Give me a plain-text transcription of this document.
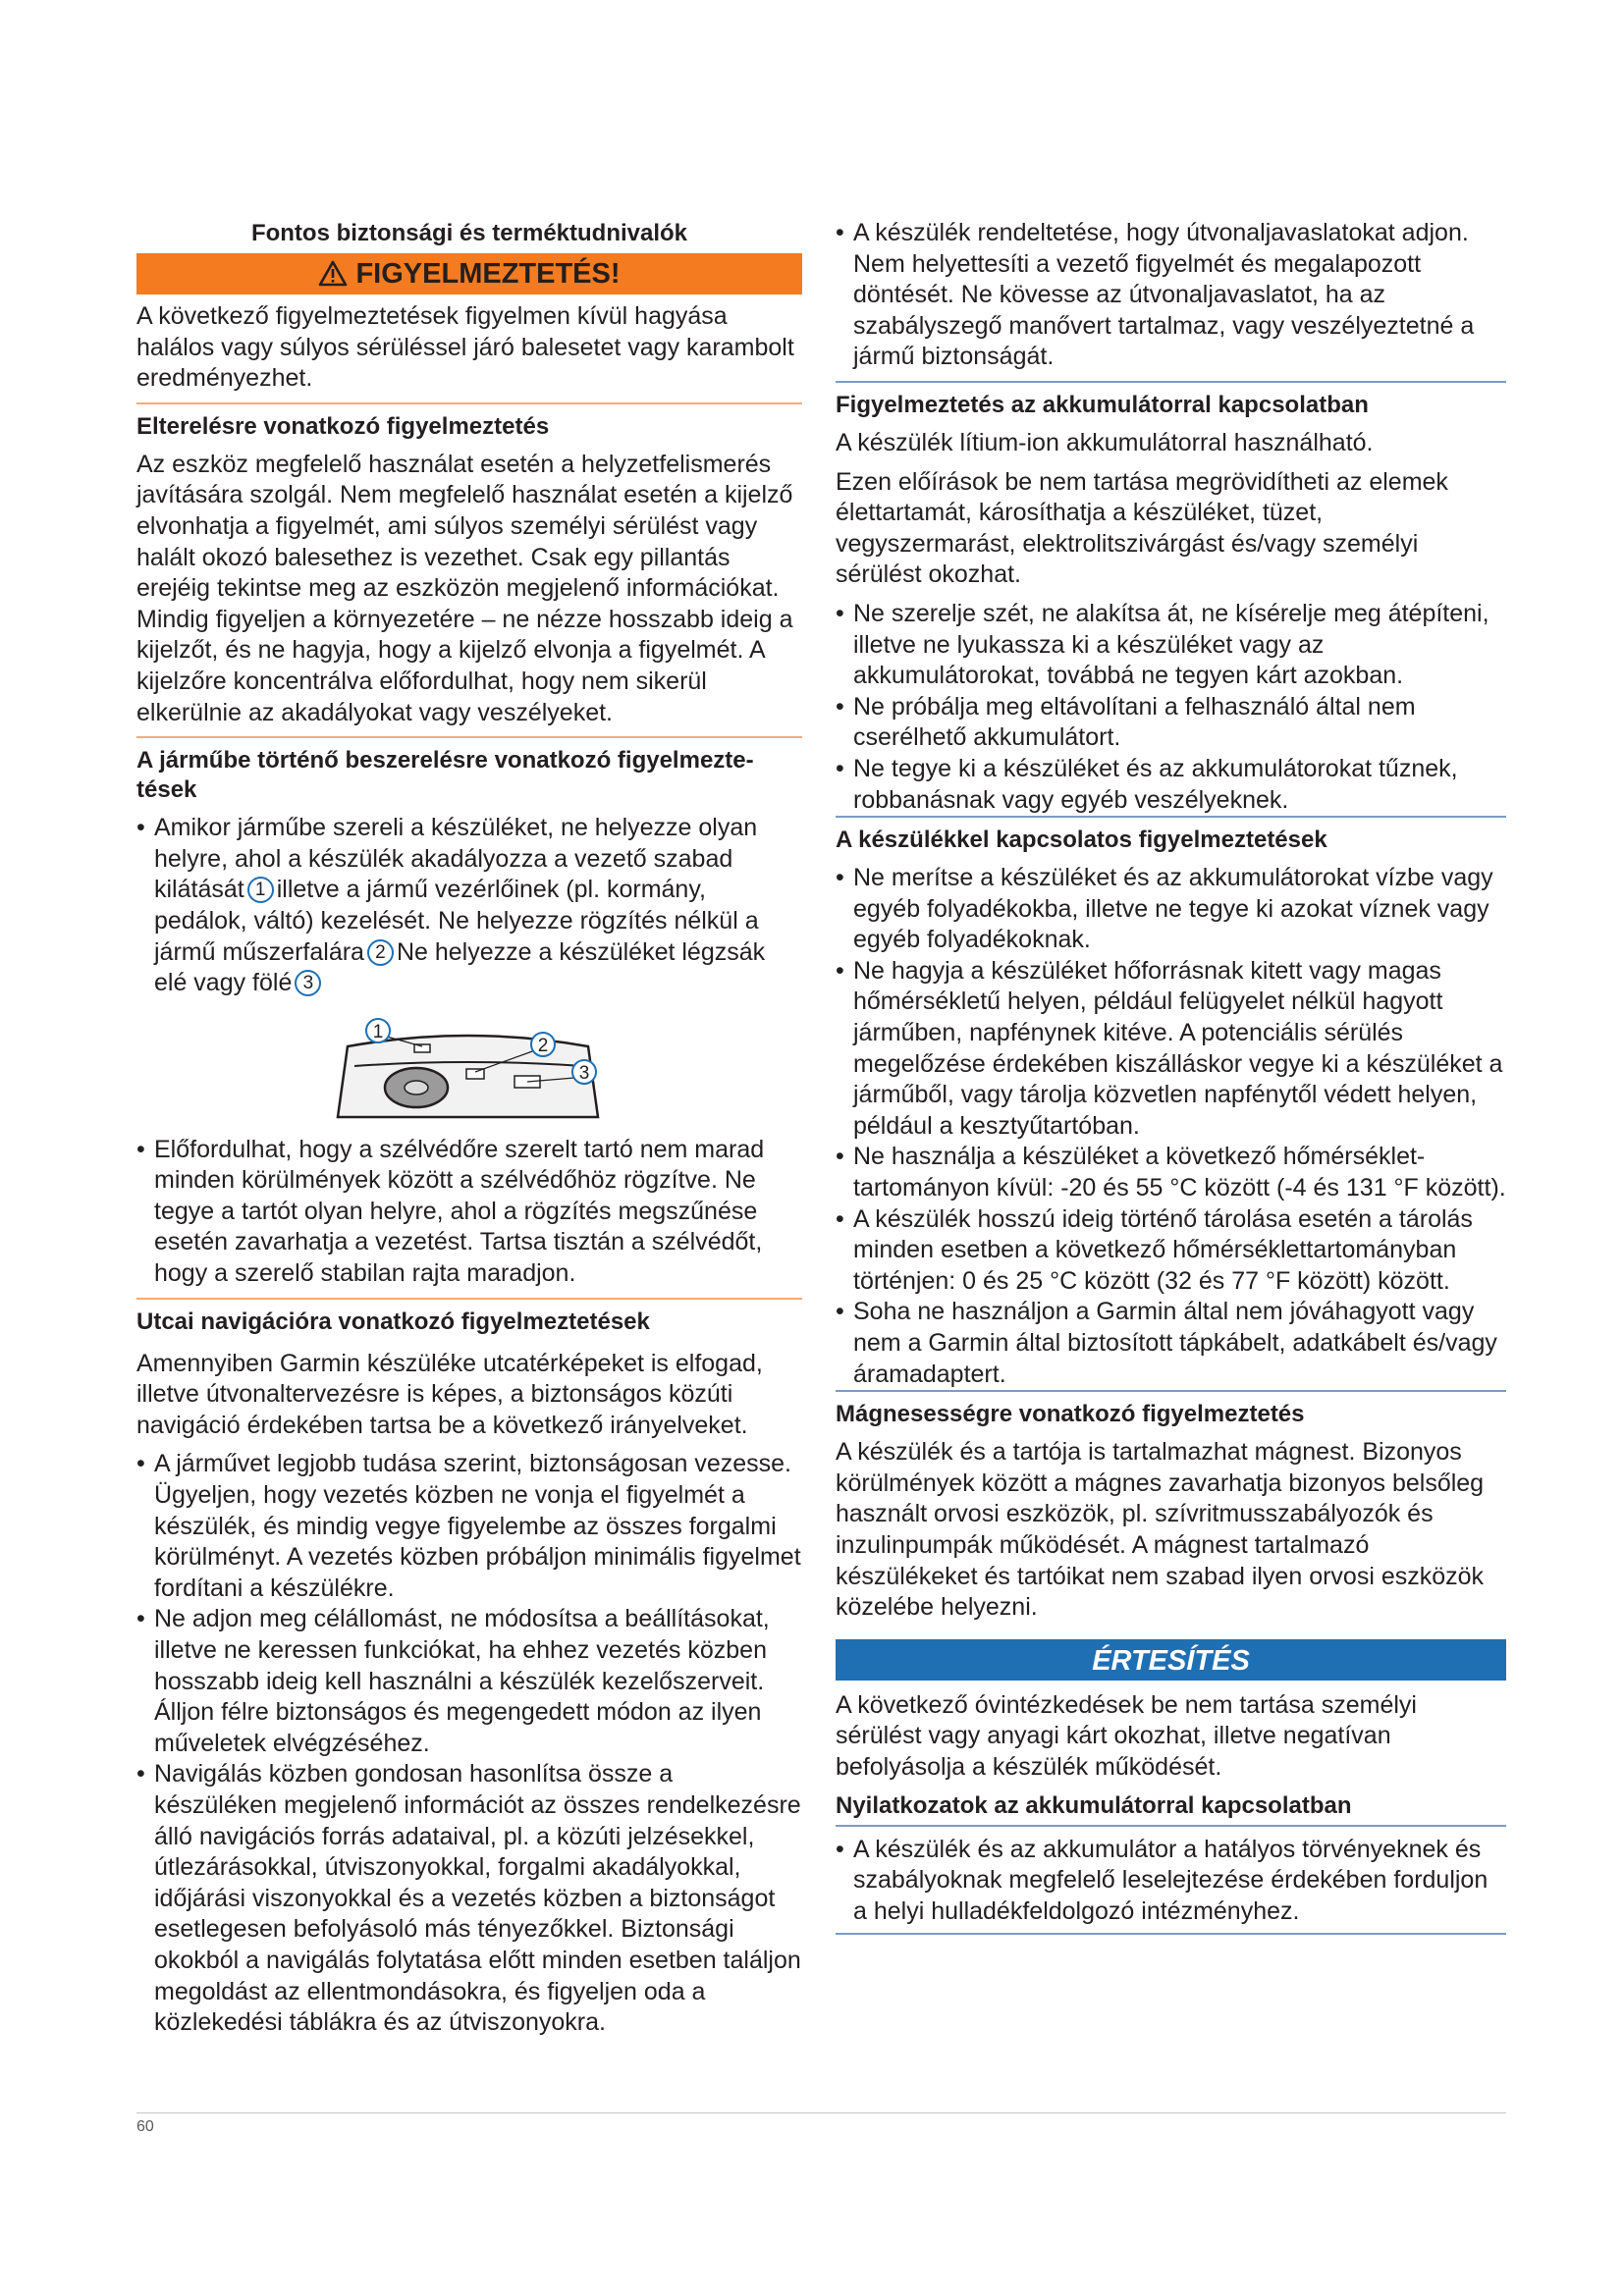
Fontos biztonsági és terméktudnivalók
FIGYELMEZTETÉS!

A következő figyelmeztetések figyelmen kívül hagyása halálos vagy súlyos sérüléssel járó balesetet vagy karambolt eredményezhet.

Elterelésre vonatkozó figyelmeztetés

Az eszköz megfelelő használat esetén a helyzetfelismerés javítására szolgál. Nem megfelelő használat esetén a kijelző elvonhatja a figyelmét, ami súlyos személyi sérülést vagy halált okozó balesethez is vezethet. Csak egy pillantás erejéig tekintse meg az eszközön megjelenő információkat. Mindig figyeljen a környezetére – ne nézze hosszabb ideig a kijelzőt, és ne hagyja, hogy a kijelző elvonja a figyelmét. A kijelzőre koncentrálva előfordulhat, hogy nem sikerül elkerülnie az akadályokat vagy veszélyeket.

A járműbe történő beszerelésre vonatkozó figyelmeztetések
• Amikor járműbe szereli a készüléket, ne helyezze olyan helyre, ahol a készülék akadályozza a vezető szabad kilátását 1 illetve a jármű vezérlőinek (pl. kormány, pedálok, váltó) kezelését. Ne helyezze rögzítés nélkül a jármű műszerfalára 2 Ne helyezze a készüléket légzsák elé vagy fölé 3
1
2
3
• Előfordulhat, hogy a szélvédőre szerelt tartó nem marad minden körülmények között a szélvédőhöz rögzítve. Ne tegye a tartót olyan helyre, ahol a rögzítés megszűnése esetén zavarhatja a vezetést. Tartsa tisztán a szélvédőt, hogy a szerelő stabilan rajta maradjon.
Utcai navigációra vonatkozó figyelmeztetések

Amennyiben Garmin készüléke utcatérképeket is elfogad, illetve útvonaltervezésre is képes, a biztonságos közúti navigáció érdekében tartsa be a következő irányelveket.

• A járművet legjobb tudása szerint, biztonságosan vezesse. Ügyeljen, hogy vezetés közben ne vonja el figyelmét a készülék, és mindig vegye figyelembe az összes forgalmi körülményt. A vezetés közben próbáljon minimális figyelmet fordítani a készülékre.
• Ne adjon meg célállomást, ne módosítsa a beállításokat, illetve ne keressen funkciókat, ha ehhez vezetés közben hosszabb ideig kell használni a készülék kezelőszerveit. Álljon félre biztonságos és megengedett módon az ilyen műveletek elvégzéséhez.
• Navigálás közben gondosan hasonlítsa össze a készüléken megjelenő információt az összes rendelkezésre álló navigációs forrás adataival, pl. a közúti jelzésekkel, útlezárásokkal, útviszonyokkal, forgalmi akadályokkal, időjárási viszonyokkal és a vezetés közben a biztonságot esetlegesen befolyásoló más tényezőkkel. Biztonsági okokból a navigálás folytatása előtt minden esetben találjon megoldást az ellentmondásokra, és figyeljen oda a közlekedési táblákra és az útviszonyokra.
• A készülék rendeltetése, hogy útvonaljavaslatokat adjon. Nem helyettesíti a vezető figyelmét és megalapozott döntését. Ne kövesse az útvonaljavaslatot, ha az szabályszegő manővert tartalmaz, vagy veszélyeztetné a jármű biztonságát.
Figyelmeztetés az akkumulátorral kapcsolatban

A készülék lítium-ion akkumulátorral használható.

Ezen előírások be nem tartása megrövidítheti az elemek élettartamát, károsíthatja a készüléket, tüzet, vegyszermarást, elektrolitszivárgást és/vagy személyi sérülést okozhat.

• Ne szerelje szét, ne alakítsa át, ne kísérelje meg átépíteni, illetve ne lyukassza ki a készüléket vagy az akkumulátorokat, továbbá ne tegyen kárt azokban.
• Ne próbálja meg eltávolítani a felhasználó által nem cserélhető akkumulátort.
• Ne tegye ki a készüléket és az akkumulátorokat tűznek, robbanásnak vagy egyéb veszélyeknek.
A készülékkel kapcsolatos figyelmeztetések
• Ne merítse a készüléket és az akkumulátorokat vízbe vagy egyéb folyadékokba, illetve ne tegye ki azokat víznek vagy egyéb folyadékoknak.
• Ne hagyja a készüléket hőforrásnak kitett vagy magas hőmérsékletű helyen, például felügyelet nélkül hagyott járműben, napfénynek kitéve. A potenciális sérülés megelőzése érdekében kiszálláskor vegye ki a készüléket a járműből, vagy tárolja közvetlen napfénytől védett helyen, például a kesztyűtartóban.
• Ne használja a készüléket a következő hőmérséklettartományon kívül: -20 és 55 °C között (-4 és 131 °F között).
• A készülék hosszú ideig történő tárolása esetén a tárolás minden esetben a következő hőmérséklettartományban történjen: 0 és 25 °C között (32 és 77 °F között) között.
• Soha ne használjon a Garmin által nem jóváhagyott vagy nem a Garmin által biztosított tápkábelt, adatkábelt és/vagy áramadaptert.
Mágnesességre vonatkozó figyelmeztetés

A készülék és a tartója is tartalmazhat mágnest. Bizonyos körülmények között a mágnes zavarhatja bizonyos belsőleg használt orvosi eszközök, pl. szívritmusszabályozók és inzulinpumpák működését. A mágnest tartalmazó készülékeket és tartóikat nem szabad ilyen orvosi eszközök közelébe helyezni.

ÉRTESÍTÉS

A következő óvintézkedések be nem tartása személyi sérülést vagy anyagi kárt okozhat, illetve negatívan befolyásolja a készülék működését.

Nyilatkozatok az akkumulátorral kapcsolatban
• A készülék és az akkumulátor a hatályos törvényeknek és szabályoknak megfelelő leselejtezése érdekében forduljon a helyi hulladékfeldolgozó intézményhez.
60
